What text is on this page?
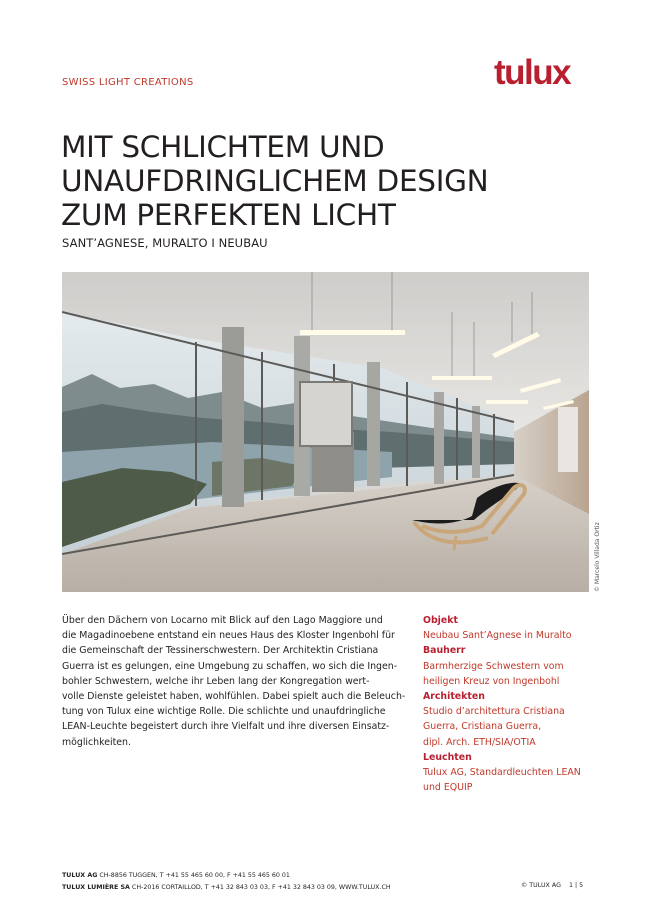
SWISS LIGHT CREATIONS	tulux
MIT SCHLICHTEM UND
UNAUFDRINGLICHEM DESIGN
ZUM PERFEKTEN LICHT
SANT’AGNESE, MURALTO I NEUBAU
© Marcelo Villada Ortiz
Über den Dächern von Locarno mit Blick auf den Lago Maggiore und
die Magadinoebene entstand ein neues Haus des Kloster Ingenbohl für
die Gemeinschaft der Tessinerschwestern. Der Architektin Cristiana
Guerra ist es gelungen, eine Umgebung zu schaffen, wo sich die Ingen-
bohler Schwestern, welche ihr Leben lang der Kongregation wert-
volle Dienste geleistet haben, wohlfühlen. Dabei spielt auch die Beleuch-
tung von Tulux eine wichtige Rolle. Die schlichte und unaufdringliche
LEAN-Leuchte begeistert durch ihre Vielfalt und ihre diversen Einsatz-
möglichkeiten.
Objekt
Neubau Sant’Agnese in Muralto
Bauherr
Barmherzige Schwestern vom
heiligen Kreuz von Ingenbohl
Architekten
Studio d’architettura Cristiana
Guerra, Cristiana Guerra,
dipl. Arch. ETH/SIA/OTIA
Leuchten
Tulux AG, Standardleuchten LEAN
und EQUIP
TULUX AG CH-8856 TUGGEN, T +41 55 465 60 00, F +41 55 465 60 01
TULUX LUMIÈRE SA CH-2016 CORTAILLOD, T +41 32 843 03 03, F +41 32 843 03 09, WWW.TULUX.CH	© TULUX AG 1 | 5
